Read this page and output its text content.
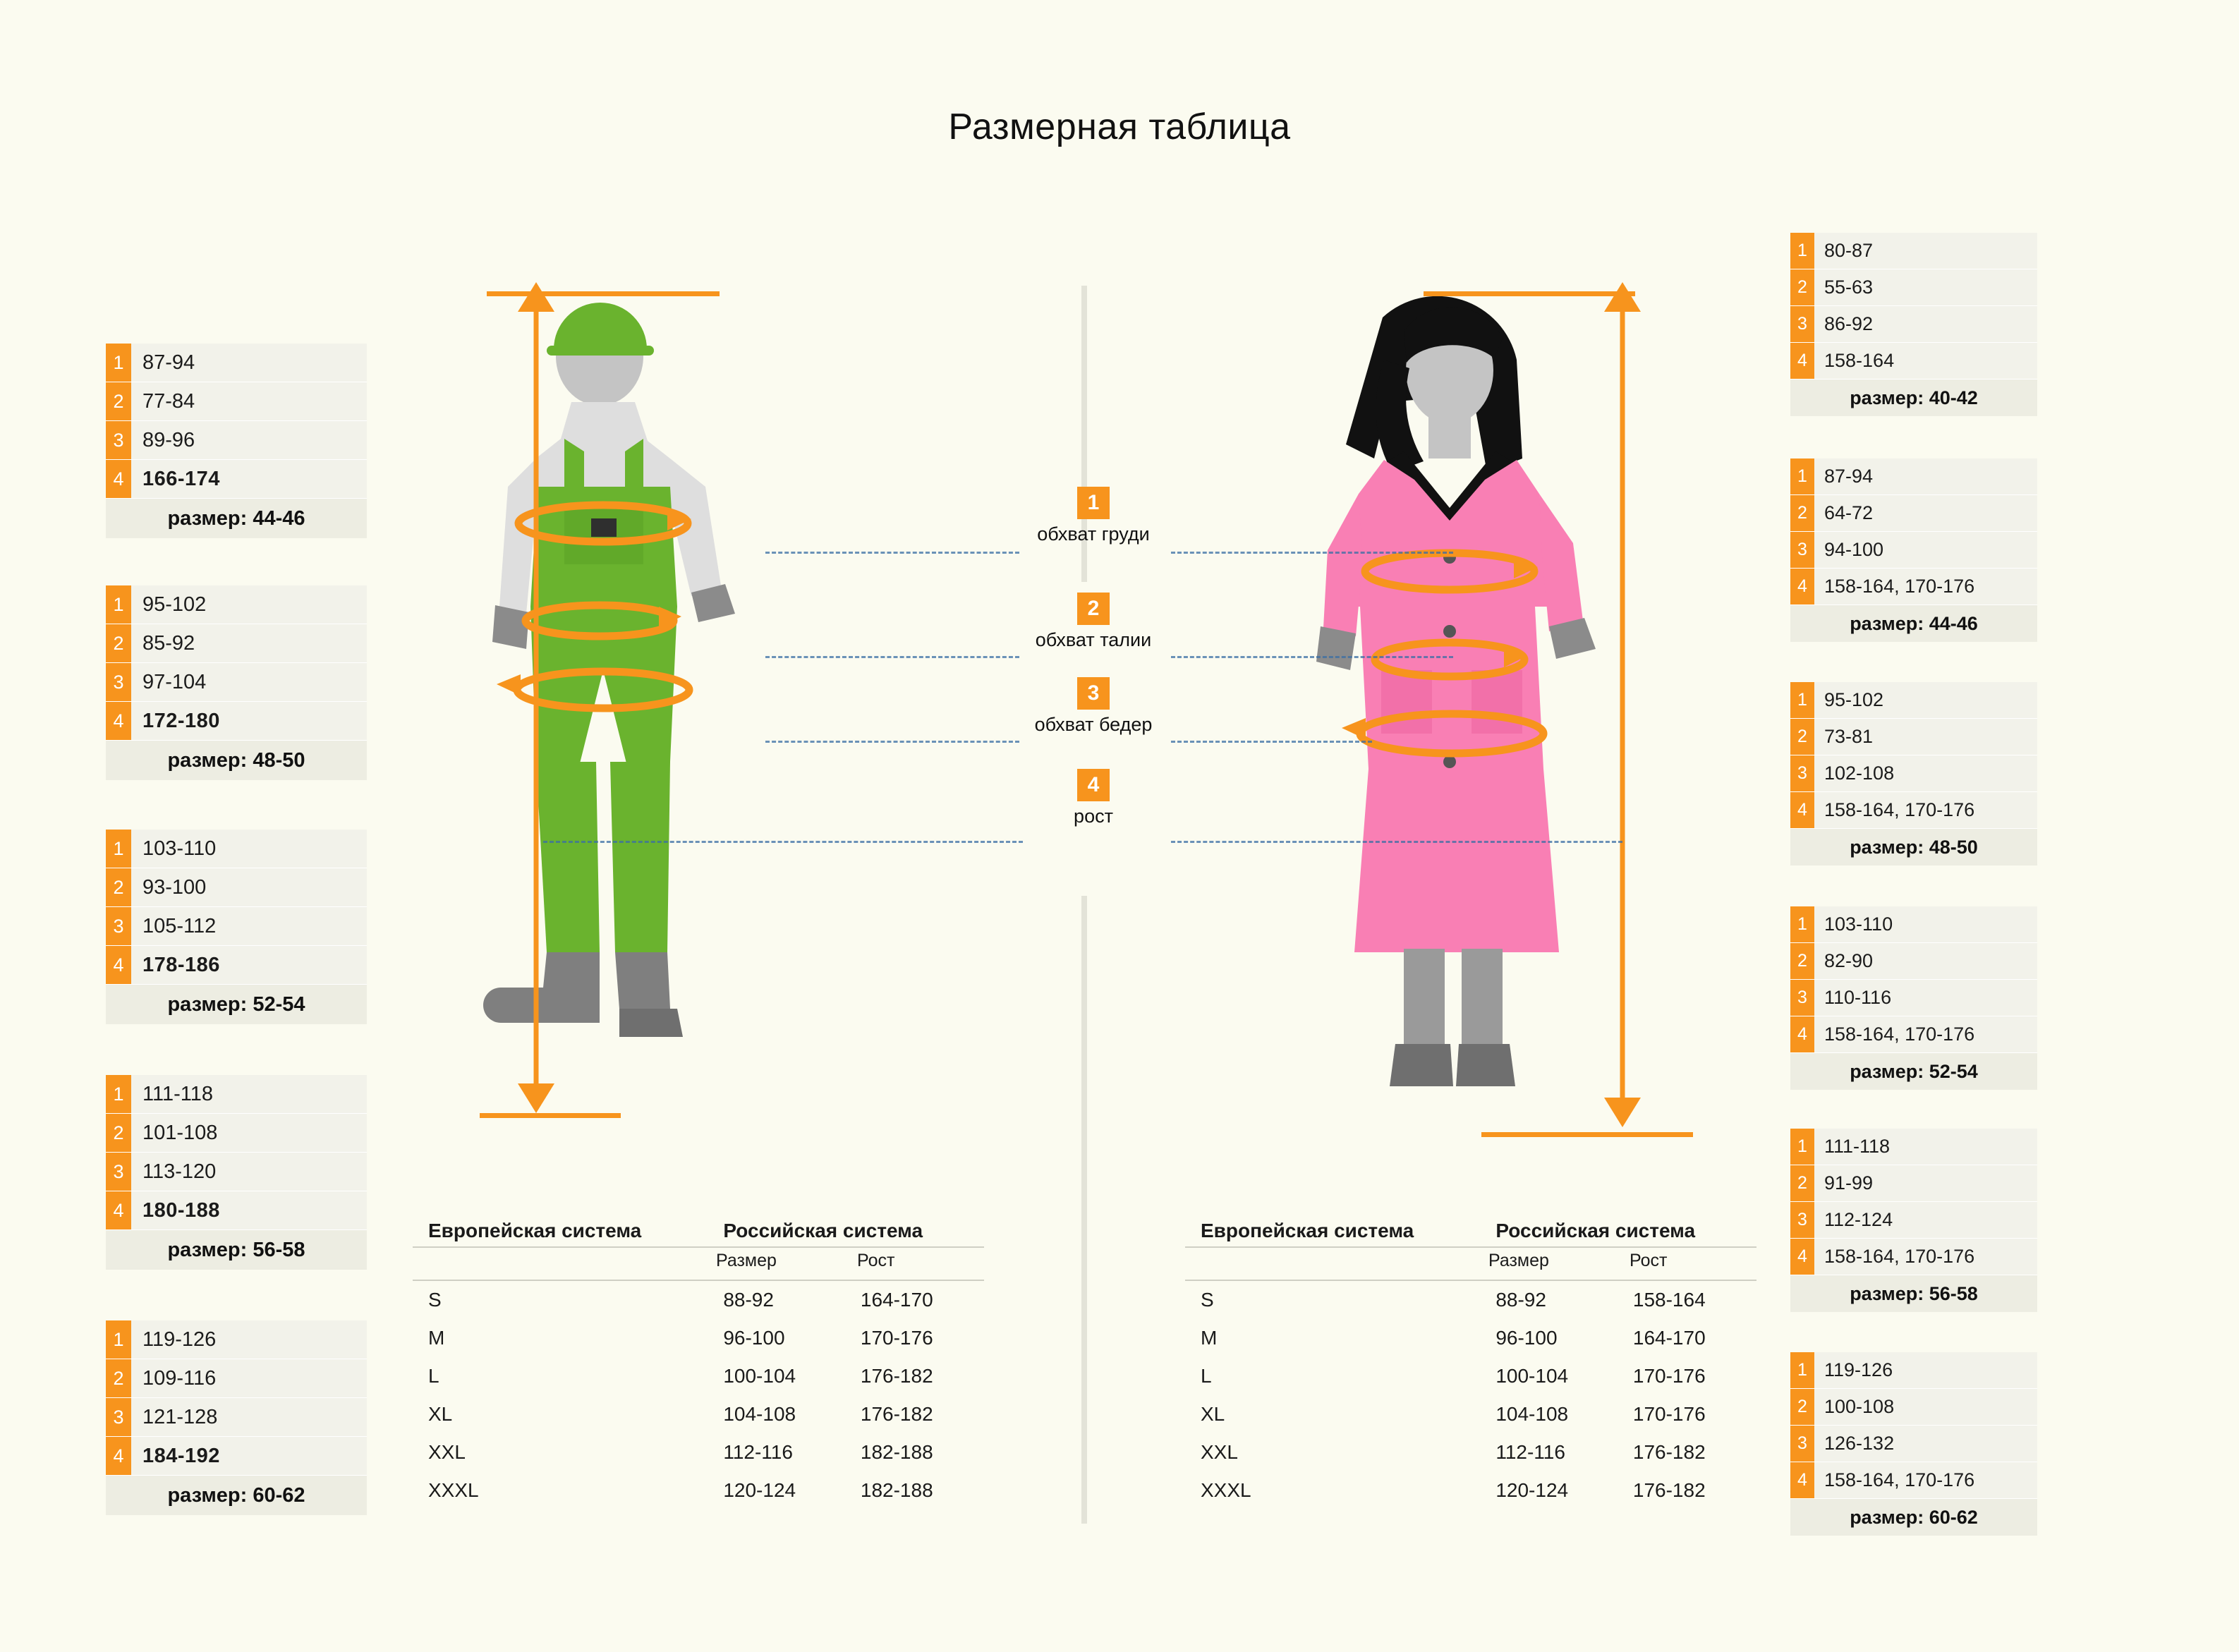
Размерная таблица
1
обхват груди
2
обхват талии
3
обхват бедер
4
рост
1 87-94
2 77-84
3 89-96
4 166-174
размер: 44-46
1 95-102
2 85-92
3 97-104
4 172-180
размер: 48-50
1 103-110
2 93-100
3 105-112
4 178-186
размер: 52-54
1 111-118
2 101-108
3 113-120
4 180-188
размер: 56-58
1 119-126
2 109-116
3 121-128
4 184-192
размер: 60-62
1 80-87
2 55-63
3 86-92
4 158-164
размер: 40-42
1 87-94
2 64-72
3 94-100
4 158-164, 170-176
размер: 44-46
1 95-102
2 73-81
3 102-108
4 158-164, 170-176
размер: 48-50
1 103-110
2 82-90
3 110-116
4 158-164, 170-176
размер: 52-54
1 111-118
2 91-99
3 112-124
4 158-164, 170-176
размер: 56-58
1 119-126
2 100-108
3 126-132
4 158-164, 170-176
размер: 60-62
Европейская система	Российская система
Размер	Рост
S	88-92	164-170
M	96-100	170-176
L	100-104	176-182
XL	104-108	176-182
XXL	112-116	182-188
XXXL	120-124	182-188
Европейская система	Российская система
Размер	Рост
S	88-92	158-164
M	96-100	164-170
L	100-104	170-176
XL	104-108	170-176
XXL	112-116	176-182
XXXL	120-124	176-182
